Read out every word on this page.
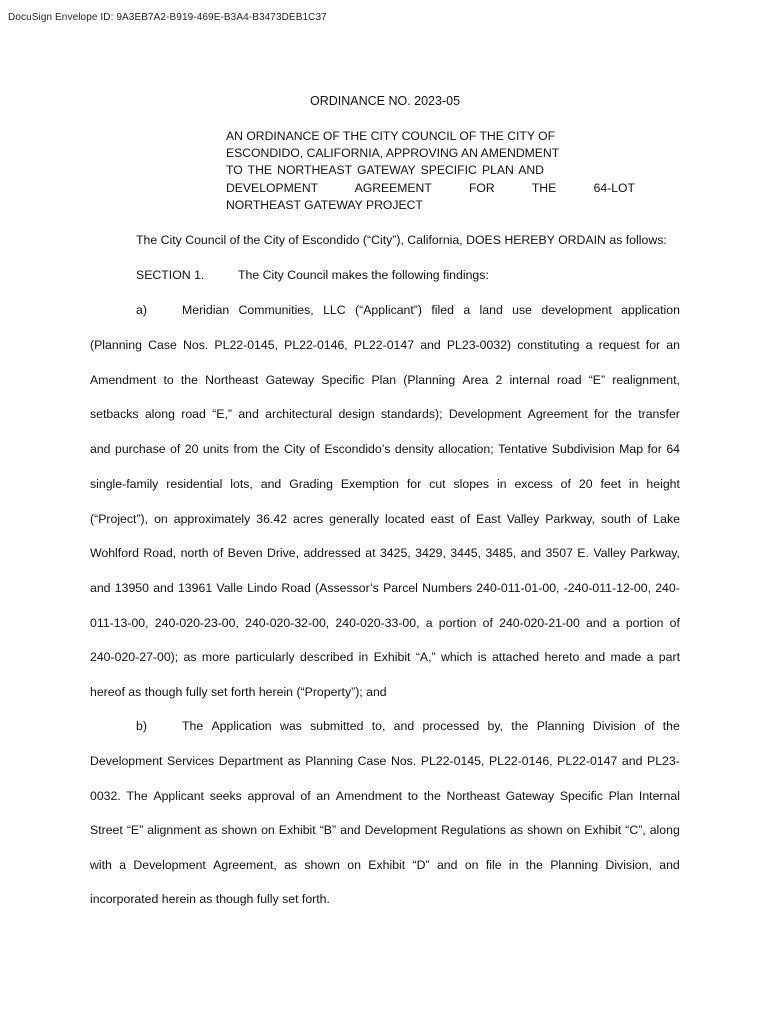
DocuSign Envelope ID: 9A3EB7A2-B919-469E-B3A4-B3473DEB1C37
ORDINANCE NO. 2023-05
AN ORDINANCE OF THE CITY COUNCIL OF THE CITY OF
ESCONDIDO, CALIFORNIA, APPROVING AN AMENDMENT
TO THE NORTHEAST GATEWAY SPECIFIC PLAN AND
DEVELOPMENT AGREEMENT FOR THE 64-LOT
NORTHEAST GATEWAY PROJECT
The City Council of the City of Escondido (“City”), California, DOES HEREBY ORDAIN as follows:
SECTION 1.	The City Council makes the following findings:
a)	Meridian Communities, LLC (“Applicant”) filed a land use development application
(Planning Case Nos. PL22-0145, PL22-0146, PL22-0147 and PL23-0032) constituting a request for an
Amendment to the Northeast Gateway Specific Plan (Planning Area 2 internal road “E” realignment,
setbacks along road “E,” and architectural design standards); Development Agreement for the transfer
and purchase of 20 units from the City of Escondido’s density allocation; Tentative Subdivision Map for 64
single-family residential lots, and Grading Exemption for cut slopes in excess of 20 feet in height
(“Project”), on approximately 36.42 acres generally located east of East Valley Parkway, south of Lake
Wohlford Road, north of Beven Drive, addressed at 3425, 3429, 3445, 3485, and 3507 E. Valley Parkway,
and 13950 and 13961 Valle Lindo Road (Assessor’s Parcel Numbers 240-011-01-00, -240-011-12-00, 240-
011-13-00, 240-020-23-00, 240-020-32-00, 240-020-33-00, a portion of 240-020-21-00 and a portion of
240-020-27-00); as more particularly described in Exhibit “A,” which is attached hereto and made a part
hereof as though fully set forth herein (“Property”); and
b)	The Application was submitted to, and processed by, the Planning Division of the
Development Services Department as Planning Case Nos. PL22-0145, PL22-0146, PL22-0147 and PL23-
0032. The Applicant seeks approval of an Amendment to the Northeast Gateway Specific Plan Internal
Street “E” alignment as shown on Exhibit “B” and Development Regulations as shown on Exhibit “C”, along
with a Development Agreement, as shown on Exhibit “D” and on file in the Planning Division, and
incorporated herein as though fully set forth.
